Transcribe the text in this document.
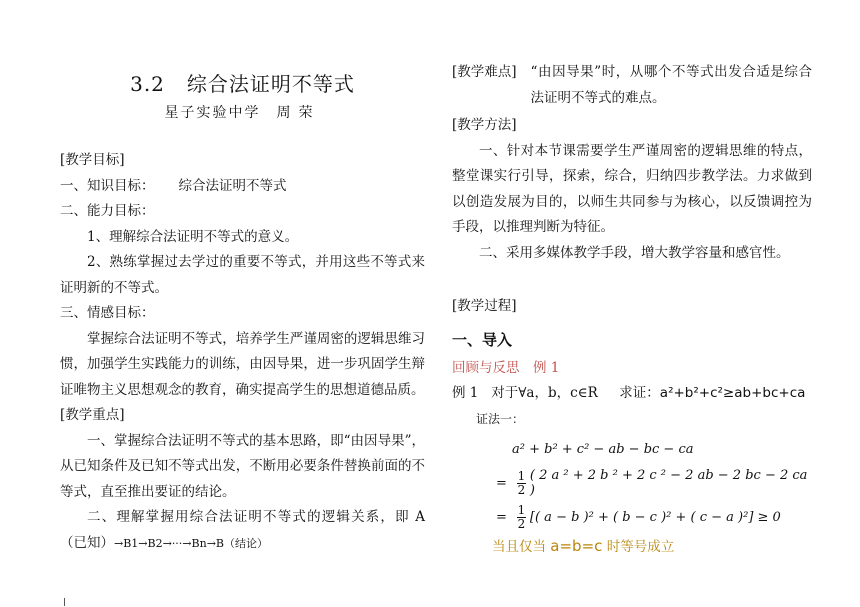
3.2 综合法证明不等式
星子实验中学 周荣

[教学目标]

一、知识目标： 综合法证明不等式

二、能力目标：

1、理解综合法证明不等式的意义。

2、熟练掌握过去学过的重要不等式，并用这些不等式来证明新的不等式。

三、情感目标：

掌握综合法证明不等式，培养学生严谨周密的逻辑思维习惯，加强学生实践能力的训练，由因导果，进一步巩固学生辩证唯物主义思想观念的教育，确实提高学生的思想道德品质。

[教学重点]

一、掌握综合法证明不等式的基本思路，即“由因导果”，从已知条件及已知不等式出发，不断用必要条件替换前面的不等式，直至推出要证的结论。

二、理解掌握用综合法证明不等式的逻辑关系，即 A（已知）→B1→B2→···→Bn→B（结论）

[教学难点] “由因导果”时，从哪个不等式出发合适是综合法证明不等式的难点。

[教学方法]

一、针对本节课需要学生严谨周密的逻辑思维的特点，整堂课实行引导，探索，综合，归纳四步教学法。力求做到以创造发展为目的，以师生共同参与为核心，以反馈调控为手段，以推理判断为特征。

二、采用多媒体教学手段，增大教学容量和感官性。

[教学过程]

一、导入

回顾与反思　例 1

例 1 对于∀a，b，c∈R 求证：a²+b²+c²≥ab+bc+ca

证法一：

a² + b² + c² − ab − bc − ca
= $\frac{1}{2}$ ( 2 a ² + 2 b ² + 2 c ² − 2 ab − 2 bc − 2 ca )
= $\frac{1}{2}$ [( a − b )² + ( b − c )² + ( c − a )²] ≥ 0

当且仅当 a=b=c 时等号成立
